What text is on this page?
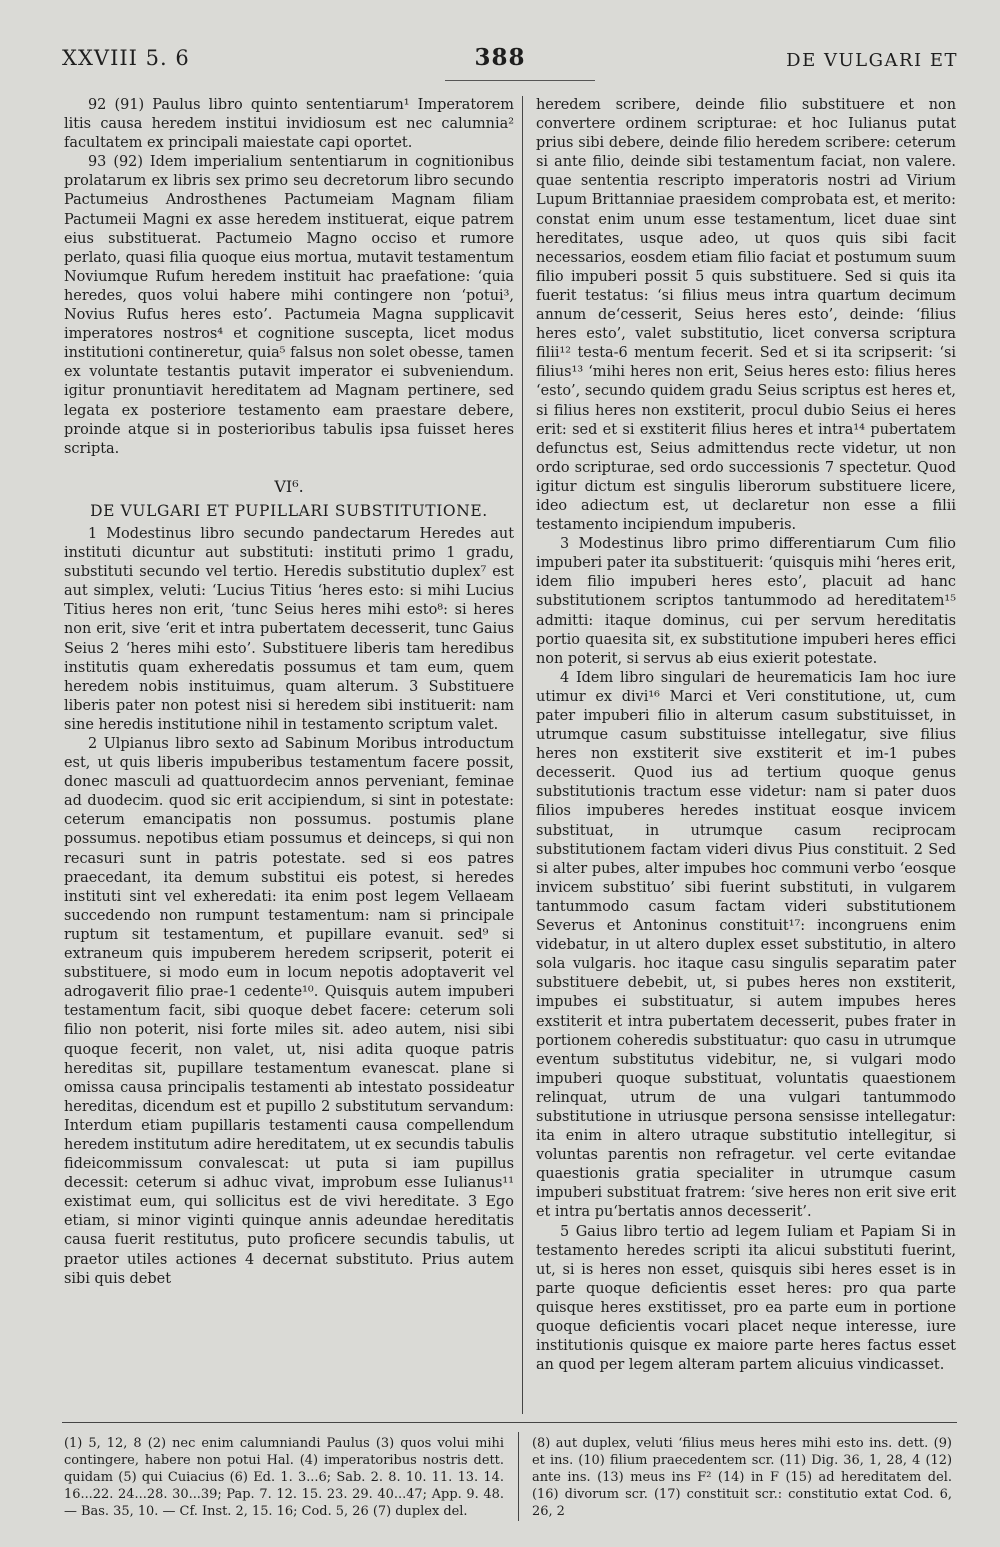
XXVIII 5. 6	388	DE VULGARI ET

92 (91) Paulus libro quinto sententiarum¹ Imperatorem litis causa heredem institui invidiosum est nec calumnia² facultatem ex principali maiestate capi oportet.

93 (92) Idem imperialium sententiarum in cognitionibus prolatarum ex libris sex primo seu decretorum libro secundo Pactumeius Androsthenes Pactumeiam Magnam filiam Pactumeii Magni ex asse heredem instituerat, eique patrem eius substituerat. Pactumeio Magno occiso et rumore perlato, quasi filia quoque eius mortua, mutavit testamentum Noviumque Rufum heredem instituit hac praefatione: ‘quia heredes, quos volui habere mihi contingere non ‘potui³, Novius Rufus heres esto’. Pactumeia Magna supplicavit imperatores nostros⁴ et cognitione suscepta, licet modus institutioni contineretur, quia⁵ falsus non solet obesse, tamen ex voluntate testantis putavit imperator ei subveniendum. igitur pronuntiavit hereditatem ad Magnam pertinere, sed legata ex posteriore testamento eam praestare debere, proinde atque si in posterioribus tabulis ipsa fuisset heres scripta.

VI⁶.
DE VULGARI ET PUPILLARI SUBSTITUTIONE.

1 Modestinus libro secundo pandectarum Heredes aut instituti dicuntur aut substituti: instituti primo 1 gradu, substituti secundo vel tertio. Heredis substitutio duplex⁷ est aut simplex, veluti: ‘Lucius Titius ‘heres esto: si mihi Lucius Titius heres non erit, ‘tunc Seius heres mihi esto⁸: si heres non erit, sive ‘erit et intra pubertatem decesserit, tunc Gaius Seius 2 ‘heres mihi esto’. Substituere liberis tam heredibus institutis quam exheredatis possumus et tam eum, quem heredem nobis instituimus, quam alterum. 3 Substituere liberis pater non potest nisi si heredem sibi instituerit: nam sine heredis institutione nihil in testamento scriptum valet.

2 Ulpianus libro sexto ad Sabinum Moribus introductum est, ut quis liberis impuberibus testamentum facere possit, donec masculi ad quattuordecim annos perveniant, feminae ad duodecim. quod sic erit accipiendum, si sint in potestate: ceterum emancipatis non possumus. postumis plane possumus. nepotibus etiam possumus et deinceps, si qui non recasuri sunt in patris potestate. sed si eos patres praecedant, ita demum substitui eis potest, si heredes instituti sint vel exheredati: ita enim post legem Vellaeam succedendo non rumpunt testamentum: nam si principale ruptum sit testamentum, et pupillare evanuit. sed⁹ si extraneum quis impuberem heredem scripserit, poterit ei substituere, si modo eum in locum nepotis adoptaverit vel adrogaverit filio prae-1 cedente¹⁰. Quisquis autem impuberi testamentum facit, sibi quoque debet facere: ceterum soli filio non poterit, nisi forte miles sit. adeo autem, nisi sibi quoque fecerit, non valet, ut, nisi adita quoque patris hereditas sit, pupillare testamentum evanescat. plane si omissa causa principalis testamenti ab intestato possideatur hereditas, dicendum est et pupillo 2 substitutum servandum: Interdum etiam pupillaris testamenti causa compellendum heredem institutum adire hereditatem, ut ex secundis tabulis fideicommissum convalescat: ut puta si iam pupillus decessit: ceterum si adhuc vivat, improbum esse Iulianus¹¹ existimat eum, qui sollicitus est de vivi hereditate. 3 Ego etiam, si minor viginti quinque annis adeundae hereditatis causa fuerit restitutus, puto proficere secundis tabulis, ut praetor utiles actiones 4 decernat substituto. Prius autem sibi quis debet

heredem scribere, deinde filio substituere et non convertere ordinem scripturae: et hoc Iulianus putat prius sibi debere, deinde filio heredem scribere: ceterum si ante filio, deinde sibi testamentum faciat, non valere. quae sententia rescripto imperatoris nostri ad Virium Lupum Brittanniae praesidem comprobata est, et merito: constat enim unum esse testamentum, licet duae sint hereditates, usque adeo, ut quos quis sibi facit necessarios, eosdem etiam filio faciat et postumum suum filio impuberi possit 5 quis substituere. Sed si quis ita fuerit testatus: ‘si filius meus intra quartum decimum annum de‘cesserit, Seius heres esto’, deinde: ‘filius heres esto’, valet substitutio, licet conversa scriptura filii¹² testa-6 mentum fecerit. Sed et si ita scripserit: ‘si filius¹³ ‘mihi heres non erit, Seius heres esto: filius heres ‘esto’, secundo quidem gradu Seius scriptus est heres et, si filius heres non exstiterit, procul dubio Seius ei heres erit: sed et si exstiterit filius heres et intra¹⁴ pubertatem defunctus est, Seius admittendus recte videtur, ut non ordo scripturae, sed ordo successionis 7 spectetur. Quod igitur dictum est singulis liberorum substituere licere, ideo adiectum est, ut declaretur non esse a filii testamento incipiendum impuberis.

3 Modestinus libro primo differentiarum Cum filio impuberi pater ita substituerit: ‘quisquis mihi ‘heres erit, idem filio impuberi heres esto’, placuit ad hanc substitutionem scriptos tantummodo ad hereditatem¹⁵ admitti: itaque dominus, cui per servum hereditatis portio quaesita sit, ex substitutione impuberi heres effici non poterit, si servus ab eius exierit potestate.

4 Idem libro singulari de heurematicis Iam hoc iure utimur ex divi¹⁶ Marci et Veri constitutione, ut, cum pater impuberi filio in alterum casum substituisset, in utrumque casum substituisse intellegatur, sive filius heres non exstiterit sive exstiterit et im-1 pubes decesserit. Quod ius ad tertium quoque genus substitutionis tractum esse videtur: nam si pater duos filios impuberes heredes instituat eosque invicem substituat, in utrumque casum reciprocam substitutionem factam videri divus Pius constituit. 2 Sed si alter pubes, alter impubes hoc communi verbo ‘eosque invicem substituo’ sibi fuerint substituti, in vulgarem tantummodo casum factam videri substitutionem Severus et Antoninus constituit¹⁷: incongruens enim videbatur, in ut altero duplex esset substitutio, in altero sola vulgaris. hoc itaque casu singulis separatim pater substituere debebit, ut, si pubes heres non exstiterit, impubes ei substituatur, si autem impubes heres exstiterit et intra pubertatem decesserit, pubes frater in portionem coheredis substituatur: quo casu in utrumque eventum substitutus videbitur, ne, si vulgari modo impuberi quoque substituat, voluntatis quaestionem relinquat, utrum de una vulgari tantummodo substitutione in utriusque persona sensisse intellegatur: ita enim in altero utraque substitutio intellegitur, si voluntas parentis non refragetur. vel certe evitandae quaestionis gratia specialiter in utrumque casum impuberi substituat fratrem: ‘sive heres non erit sive erit et intra pu‘bertatis annos decesserit’.

5 Gaius libro tertio ad legem Iuliam et Papiam Si in testamento heredes scripti ita alicui substituti fuerint, ut, si is heres non esset, quisquis sibi heres esset is in parte quoque deficientis esset heres: pro qua parte quisque heres exstitisset, pro ea parte eum in portione quoque deficientis vocari placet neque interesse, iure institutionis quisque ex maiore parte heres factus esset an quod per legem alteram partem alicuius vindicasset.

(1) 5, 12, 8 (2) nec enim calumniandi Paulus (3) quos volui mihi contingere, habere non potui Hal. (4) imperatoribus nostris dett. quidam (5) qui Cuiacius (6) Ed. 1. 3...6; Sab. 2. 8. 10. 11. 13. 14. 16...22. 24...28. 30...39; Pap. 7. 12. 15. 23. 29. 40...47; App. 9. 48. — Bas. 35, 10. — Cf. Inst. 2, 15. 16; Cod. 5, 26 (7) duplex del.
(8) aut duplex, veluti ‘filius meus heres mihi esto ins. dett. (9) et ins. (10) filium praecedentem scr. (11) Dig. 36, 1, 28, 4 (12) ante ins. (13) meus ins F² (14) in F (15) ad hereditatem del. (16) divorum scr. (17) constituit scr.: constitutio extat Cod. 6, 26, 2
